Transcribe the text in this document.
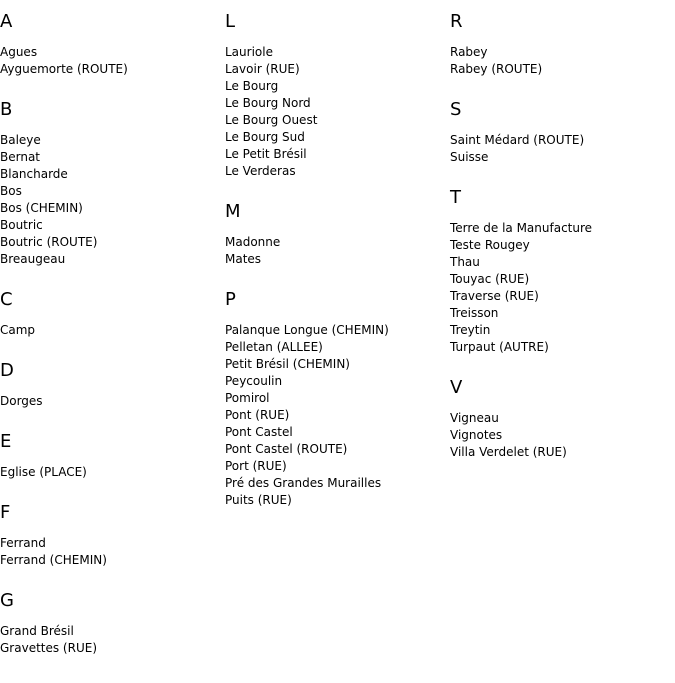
A
Agues
Ayguemorte (ROUTE)
B
Baleye
Bernat
Blancharde
Bos
Bos (CHEMIN)
Boutric
Boutric (ROUTE)
Breaugeau
C
Camp
D
Dorges
E
Eglise (PLACE)
F
Ferrand
Ferrand (CHEMIN)
G
Grand Brésil
Gravettes (RUE)
L
Lauriole
Lavoir (RUE)
Le Bourg
Le Bourg Nord
Le Bourg Ouest
Le Bourg Sud
Le Petit Brésil
Le Verderas
M
Madonne
Mates
P
Palanque Longue (CHEMIN)
Pelletan (ALLEE)
Petit Brésil (CHEMIN)
Peycoulin
Pomirol
Pont (RUE)
Pont Castel
Pont Castel (ROUTE)
Port (RUE)
Pré des Grandes Murailles
Puits (RUE)
R
Rabey
Rabey (ROUTE)
S
Saint Médard (ROUTE)
Suisse
T
Terre de la Manufacture
Teste Rougey
Thau
Touyac (RUE)
Traverse (RUE)
Treisson
Treytin
Turpaut (AUTRE)
V
Vigneau
Vignotes
Villa Verdelet (RUE)
